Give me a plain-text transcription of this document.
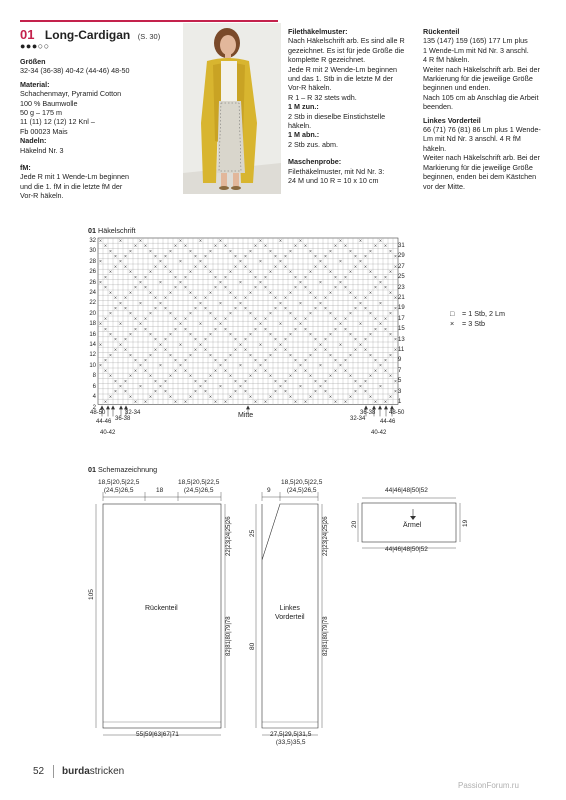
01 Long-Cardigan (S. 30)
●●●○○
Größen
32-34 (36-38) 40-42 (44-46) 48-50
Material:
Schachenmayr, Pyramid Cotton
100 % Baumwolle
50 g – 175 m
11 (11) 12 (12) 12 Knl –
Fb 00023 Mais
Nadeln:
Häkelnd Nr. 3
fM:
Jede R mit 1 Wende-Lm beginnen
und die 1. fM in die letzte fM der
Vor-R häkeln.
Filethäkelmuster:
Nach Häkelschrift arb. Es sind alle R
gezeichnet. Es ist für jede Größe die
komplette R gezeichnet.
Jede R mit 2 Wende-Lm beginnen
und das 1. Stb in die letzte M der
Vor-R häkeln.
R 1 – R 32 stets wdh.
1 M zun.:
2 Stb in dieselbe Einstichstelle
häkeln.
1 M abn.:
2 Stb zus. abm.
Maschenprobe:
Filethäkelmuster, mit Nd Nr. 3:
24 M und 10 R = 10 x 10 cm
Rückenteil
135 (147) 159 (165) 177 Lm plus
1 Wende-Lm mit Nd Nr. 3 anschl.
4 R fM häkeln.
Weiter nach Häkelschrift arb. Bei der
Markierung für die jeweilige Größe
beginnen und enden.
Nach 105 cm ab Anschlag die Arbeit
beenden.
Linkes Vorderteil
66 (71) 76 (81) 86 Lm plus 1 Wende-
Lm mit Nd Nr. 3 anschl. 4 R fM
häkeln.
Weiter nach Häkelschrift arb. Bei der
Markierung für die jeweilige Größe
beginnen, enden bei dem Kästchen
vor der Mitte.
01 Häkelschrift
×	×	×	×	×	×	×	×	×	×	×	×
×	× ×	× ×	× ×	× ×	× ×	× ×	× ×
×	×	×	×	×	×	×	×	×	×	×	×	×	×	×
× ×	× ×	× ×	× ×	× ×	× ×	× ×	×
×	×	×	×	×	×	×	×	×	×	×
× ×	× ×	× ×	× ×	× ×	× ×	× ×	×
×	×	×	×	×	×	×	×	×	×	×	×	×	×	×
×	× ×	× ×	× ×	× ×	× ×	× ×	× ×
×	×	×	×	×	×	×	×	×	×	×
×	× ×	× ×	× ×	× ×	× ×	× ×	× ×
×	×	×	×	×	×	×	×	×	×	×	×	×	×	×
× ×	× ×	× ×	× ×	× ×	× ×	× ×	×
×	×	×	×	×	×	×	×	×	×	×
× ×	× ×	× ×	× ×	× ×	× ×	× ×	×
×	×	×	×	×	×	×	×	×	×	×	×	×	×	×
×	× ×	× ×	× ×	× ×	× ×	× ×	× ×
×	×	×	×	×	×	×	×	×	×	×	×
×	× ×	× ×	× ×	× ×	× ×	× ×	× ×
×	×	×	×	×	×	×	×	×	×	×	×	×	×	×
× ×	× ×	× ×	× ×	× ×	× ×	× ×	×
×	×	×	×	×	×	×	×	×	×	×
× ×	× ×	× ×	× ×	× ×	× ×	× ×	×
×	×	×	×	×	×	×	×	×	×	×	×	×	×	×
×	× ×	× ×	× ×	× ×	× ×	× ×	× ×
×	×	×	×	×	×	×	×	×	×	×
×	× ×	× ×	× ×	× ×	× ×	× ×	× ×
×	×	×	×	×	×	×	×	×	×	×	×	×	×	×
× ×	× ×	× ×	× ×	× ×	× ×	× ×	×
×	×	×	×	×	×	×	×	×	×	×
× ×	× ×	× ×	× ×	× ×	× ×	× ×	×
×	×	×	×	×	×	×	×	×	×	×	×	×	×	×
×	× ×	× ×	× ×	× ×	× ×	× ×	× ×
32
30
28
26
26
24
22
20
18
16
14
12
10
8
6
4
2
31
29
27
25
23
21
19
17
15
13
11
9
7
5
3
1
48-50
44-46
40-42
36-38
32-34	Mitte	32-34
36-38
40-42
44-46
48-50
□ = 1 Stb, 2 Lm
× = 3 Stb
01 Schemazeichnung
18,5|20,5|22,5
(24,5)26,5	18
18,5|20,5|22,5
(24,5)26,5
105
22|23|24|25|26
82|81|80|79|78
Rückenteil
55|59|63|67|71
9
18,5|20,5|22,5
(24,5)26,5
25
80
22|23|24|25|26
82|81|80|79|78
Linkes
Vorderteil
27,5|29,5|31,5
(33,5)35,5
44|46|48|50|52
20	19
Ärmel
44|46|48|50|52
52 burdastricken
PassionForum.ru
